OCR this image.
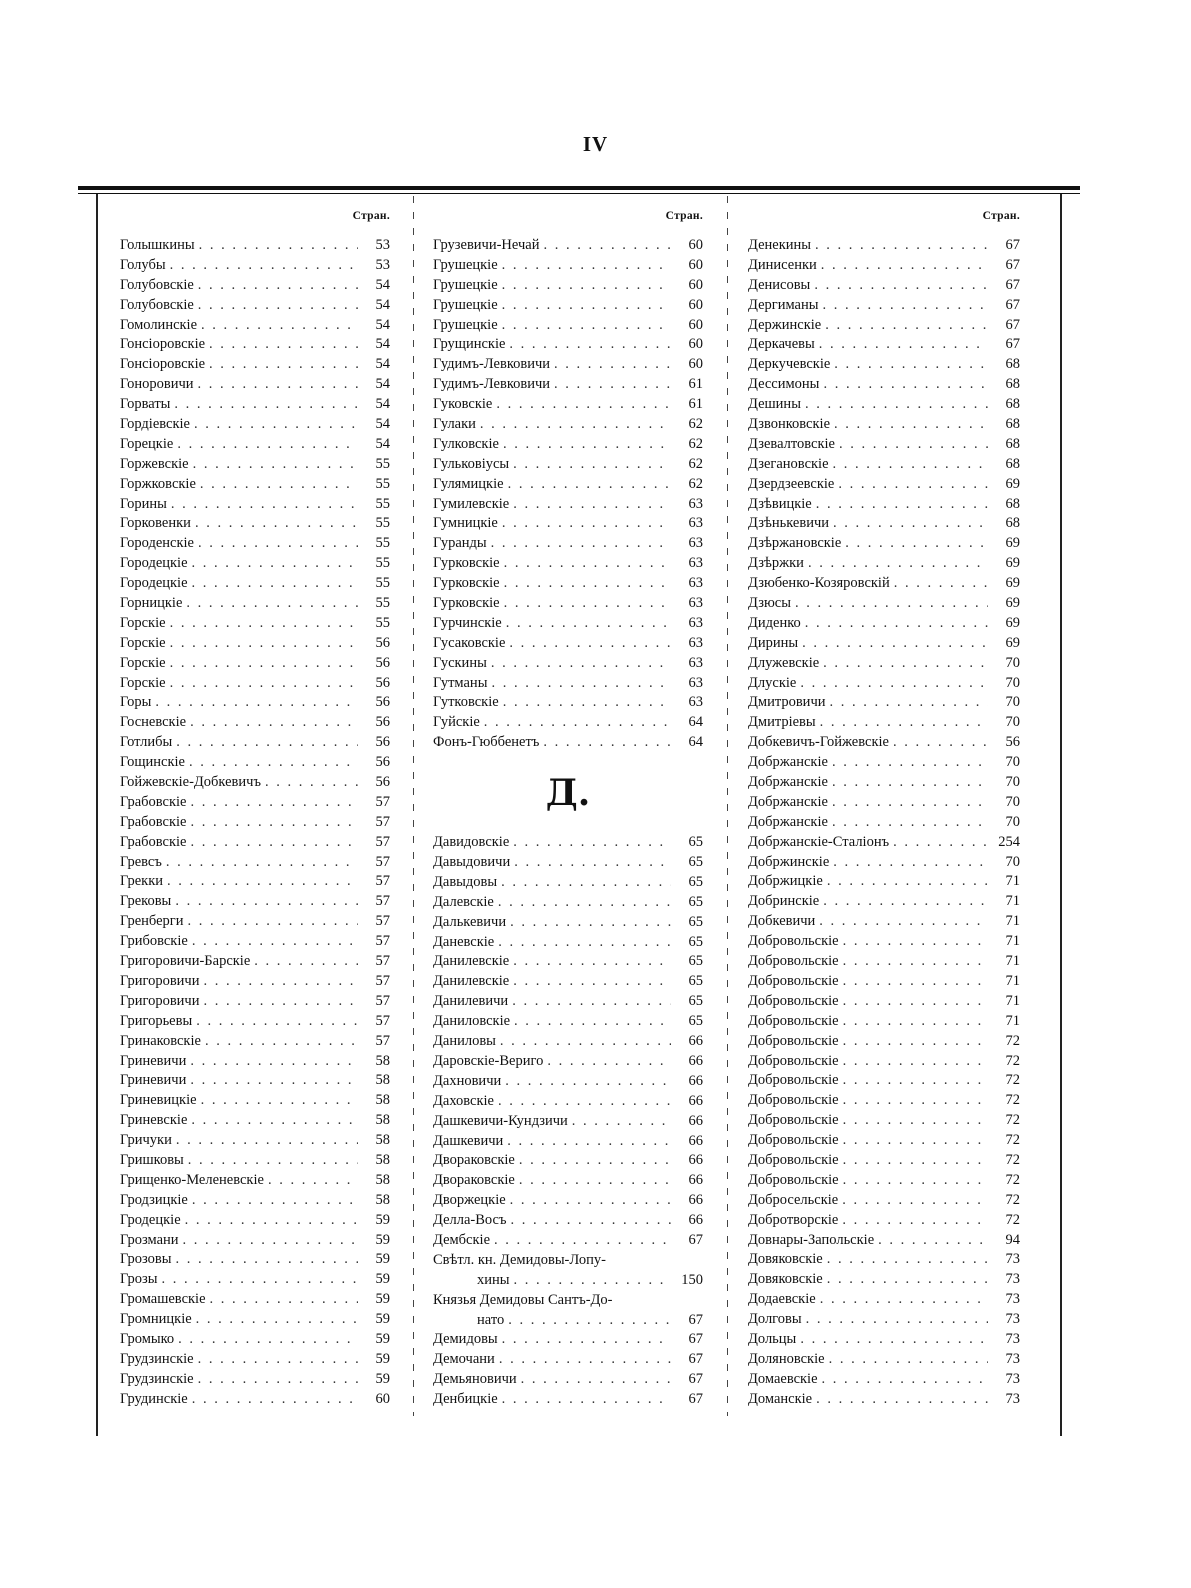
IV
Стран.
Голышкины . . .	53
Голубы . . .	53
Голубовскіе . . .	54
Голубовскіе . . .	54
Гомолинскіе . . .	54
Гонсіоровскіе . . .	54
Гонсіоровскіе . . .	54
Гоноровичи . . .	54
Горваты . . .	54
Гордіевскіе . . .	54
Горецкіе . . .	54
Горжевскіе . . .	55
Горжковскіе . . .	55
Горины . . .	55
Горковенки . . .	55
Городенскіе . . .	55
Городецкіе . . .	55
Городецкіе . . .	55
Горницкіе . . .	55
Горскіе . . .	55
Горскіе . . .	56
Горскіе . . .	56
Горскіе . . .	56
Горы . . .	56
Госневскіе . . .	56
Готлибы . . .	56
Гощинскіе . . .	56
Гойжевскіе-Добкевичъ . . .	56
Грабовскіе . . .	57
Грабовскіе . . .	57
Грабовскіе . . .	57
Гревсъ . . .	57
Грекки . . .	57
Грековы . . .	57
Гренберги . . .	57
Грибовскіе . . .	57
Григоровичи-Барскіе . . .	57
Григоровичи . . .	57
Григоровичи . . .	57
Григорьевы . . .	57
Гринаковскіе . . .	57
Гриневичи . . .	58
Гриневичи . . .	58
Гриневицкіе . . .	58
Гриневскіе . . .	58
Гричуки . . .	58
Гришковы . . .	58
Грищенко-Меленевскіе . . .	58
Гродзицкіе . . .	58
Гродецкіе . . .	59
Грозмани . . .	59
Грозовы . . .	59
Грозы . . .	59
Громашевскіе . . .	59
Громницкіе . . .	59
Громыко . . .	59
Грудзинскіе . . .	59
Грудзинскіе . . .	59
Грудинскіе . . .	60
Стран.
Грузевичи-Нечай . . .	60
Грушецкіе . . .	60
Грушецкіе . . .	60
Грушецкіе . . .	60
Грушецкіе . . .	60
Грущинскіе . . .	60
Гудимъ-Левковичи . . .	60
Гудимъ-Левковичи . . .	61
Гуковскіе . . .	61
Гулаки . . .	62
Гулковскіе . . .	62
Гульковіусы . . .	62
Гулямицкіе . . .	62
Гумилевскіе . . .	63
Гумницкіе . . .	63
Гуранды . . .	63
Гурковскіе . . .	63
Гурковскіе . . .	63
Гурковскіе . . .	63
Гурчинскіе . . .	63
Гусаковскіе . . .	63
Гускины . . .	63
Гутманы . . .	63
Гутковскіе . . .	63
Гуйскіе . . .	64
Фонъ-Гюббенетъ . . .	64
Д.
Давидовскіе . . .	65
Давыдовичи . . .	65
Давыдовы . . .	65
Далевскіе . . .	65
Далькевичи . . .	65
Даневскіе . . .	65
Данилевскіе . . .	65
Данилевскіе . . .	65
Данилевичи . . .	65
Даниловскіе . . .	65
Даниловы . . .	66
Даровскіе-Вериго . . .	66
Дахновичи . . .	66
Даховскіе . . .	66
Дашкевичи-Кундзичи . . .	66
Дашкевичи . . .	66
Двораковскіе . . .	66
Двораковскіе . . .	66
Дворжецкіе . . .	66
Делла-Восъ . . .	66
Дембскіе . . .	67
Свѣтл. кн. Демидовы-Лопу-
хины . . .	150
Князья Демидовы Сантъ-До-
нато . . .	67
Демидовы . . .	67
Демочани . . .	67
Демьяновичи . . .	67
Денбицкіе . . .	67
Стран.
Денекины . . .	67
Динисенки . . .	67
Денисовы . . .	67
Дергиманы . . .	67
Держинскіе . . .	67
Деркачевы . . .	67
Деркучевскіе . . .	68
Дессимоны . . .	68
Дешины . . .	68
Дзвонковскіе . . .	68
Дзевалтовскіе . . .	68
Дзегановскіе . . .	68
Дзердзеевскіе . . .	69
Дзѣвицкіе . . .	68
Дзѣнькевичи . . .	68
Дзѣржановскіе . . .	69
Дзѣржки . . .	69
Дзюбенко-Козяровскій . . .	69
Дзюсы . . .	69
Диденко . . .	69
Дирины . . .	69
Длужевскіе . . .	70
Длускіе . . .	70
Дмитровичи . . .	70
Дмитріевы . . .	70
Добкевичъ-Гойжевскіе . . .	56
Добржанскіе . . .	70
Добржанскіе . . .	70
Добржанскіе . . .	70
Добржанскіе . . .	70
Добржанскіе-Сталіонъ . . .	254
Добржинскіе . . .	70
Добржицкіе . . .	71
Добринскіе . . .	71
Добкевичи . . .	71
Добровольскіе . . .	71
Добровольскіе . . .	71
Добровольскіе . . .	71
Добровольскіе . . .	71
Добровольскіе . . .	71
Добровольскіе . . .	72
Добровольскіе . . .	72
Добровольскіе . . .	72
Добровольскіе . . .	72
Добровольскіе . . .	72
Добровольскіе . . .	72
Добровольскіе . . .	72
Добровольскіе . . .	72
Добросельскіе . . .	72
Добротворскіе . . .	72
Довнары-Запольскіе . . .	94
Довяковскіе . . .	73
Довяковскіе . . .	73
Додаевскіе . . .	73
Долговы . . .	73
Дольцы . . .	73
Доляновскіе . . .	73
Домаевскіе . . .	73
Доманскіе . . .	73
